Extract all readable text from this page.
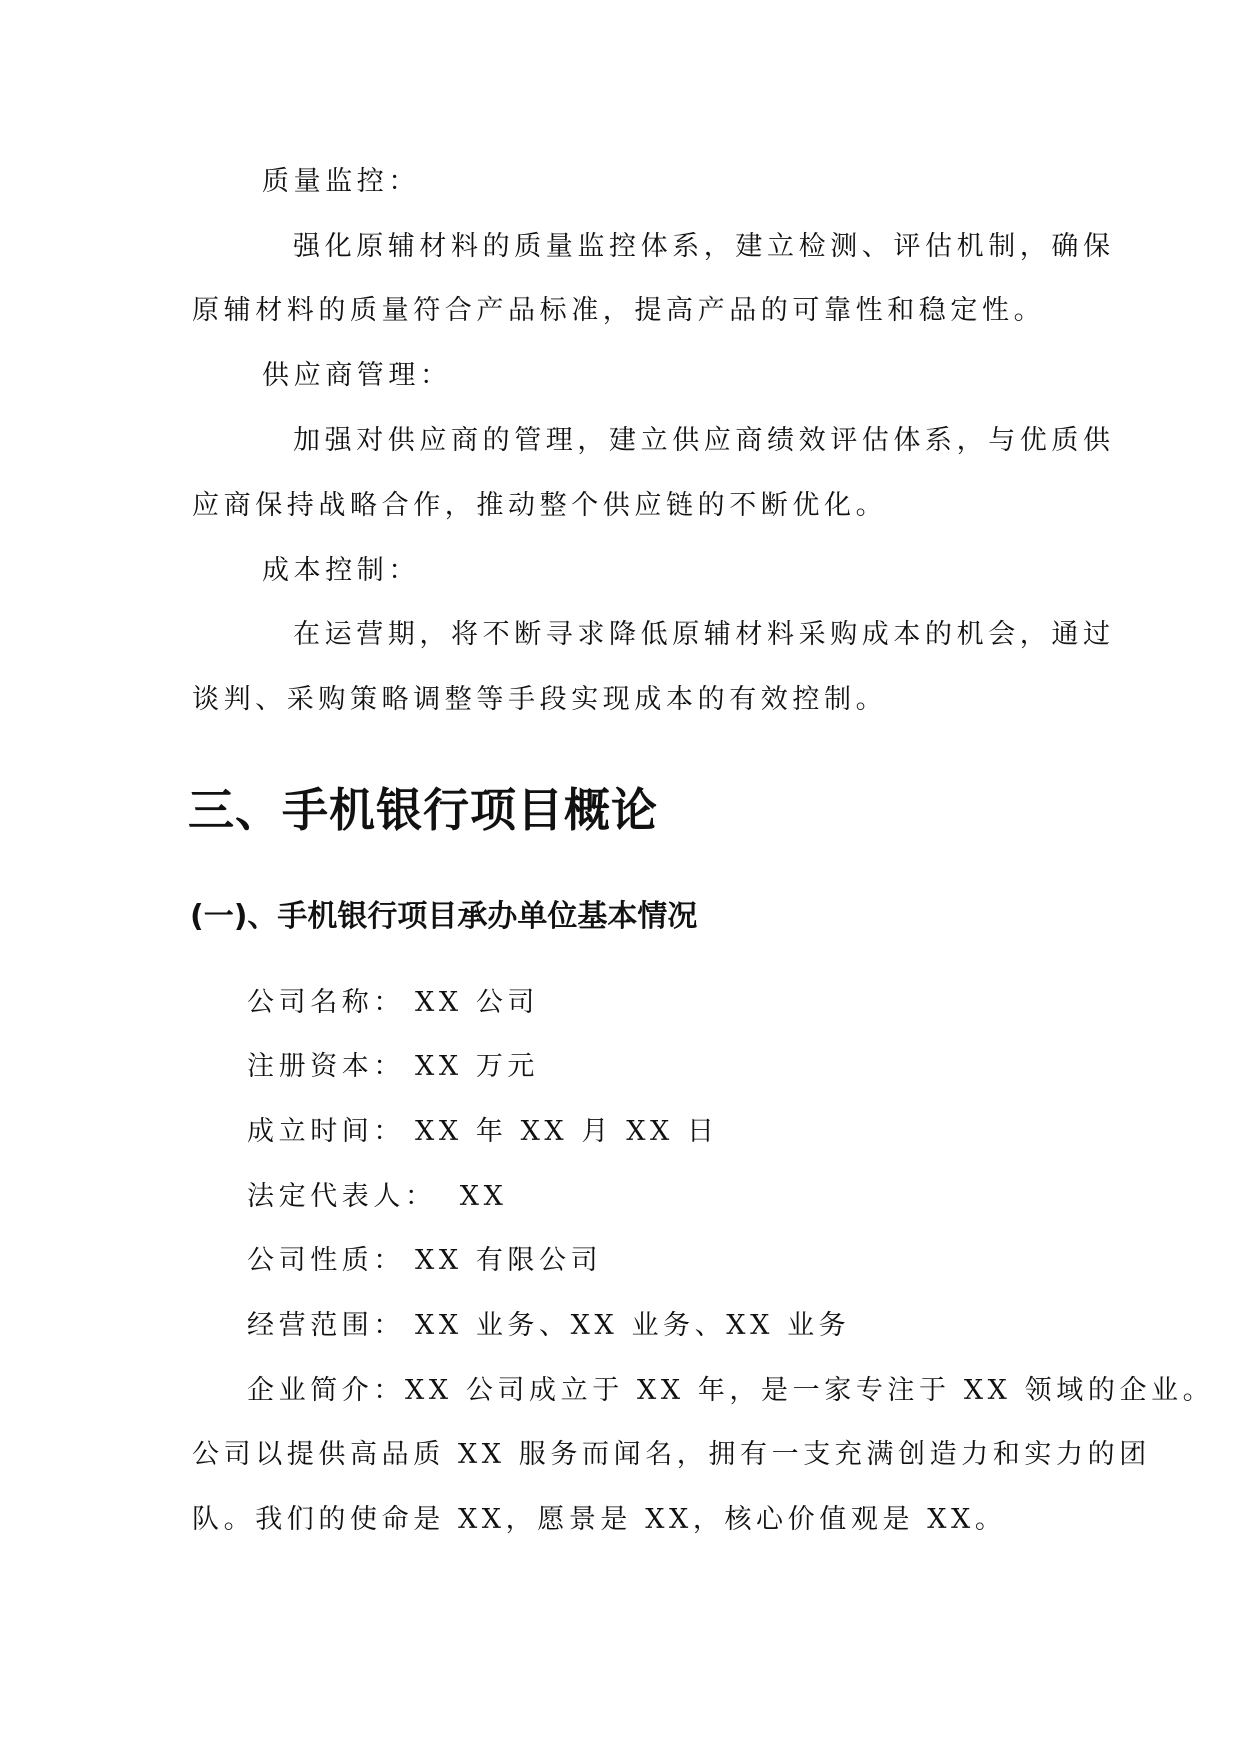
质量监控：
强化原辅材料的质量监控体系，建立检测、评估机制，确保
原辅材料的质量符合产品标准，提高产品的可靠性和稳定性。
供应商管理：
加强对供应商的管理，建立供应商绩效评估体系，与优质供
应商保持战略合作，推动整个供应链的不断优化。
成本控制：
在运营期，将不断寻求降低原辅材料采购成本的机会，通过
谈判、采购策略调整等手段实现成本的有效控制。
三、手机银行项目概论
(一)、手机银行项目承办单位基本情况
公司名称： XX 公司
注册资本： XX 万元
成立时间： XX 年 XX 月 XX 日
法定代表人： XX
公司性质： XX 有限公司
经营范围： XX 业务、XX 业务、XX 业务
企业简介：XX 公司成立于 XX 年，是一家专注于 XX 领域的企业。
公司以提供高品质 XX 服务而闻名，拥有一支充满创造力和实力的团
队。我们的使命是 XX，愿景是 XX，核心价值观是 XX。
